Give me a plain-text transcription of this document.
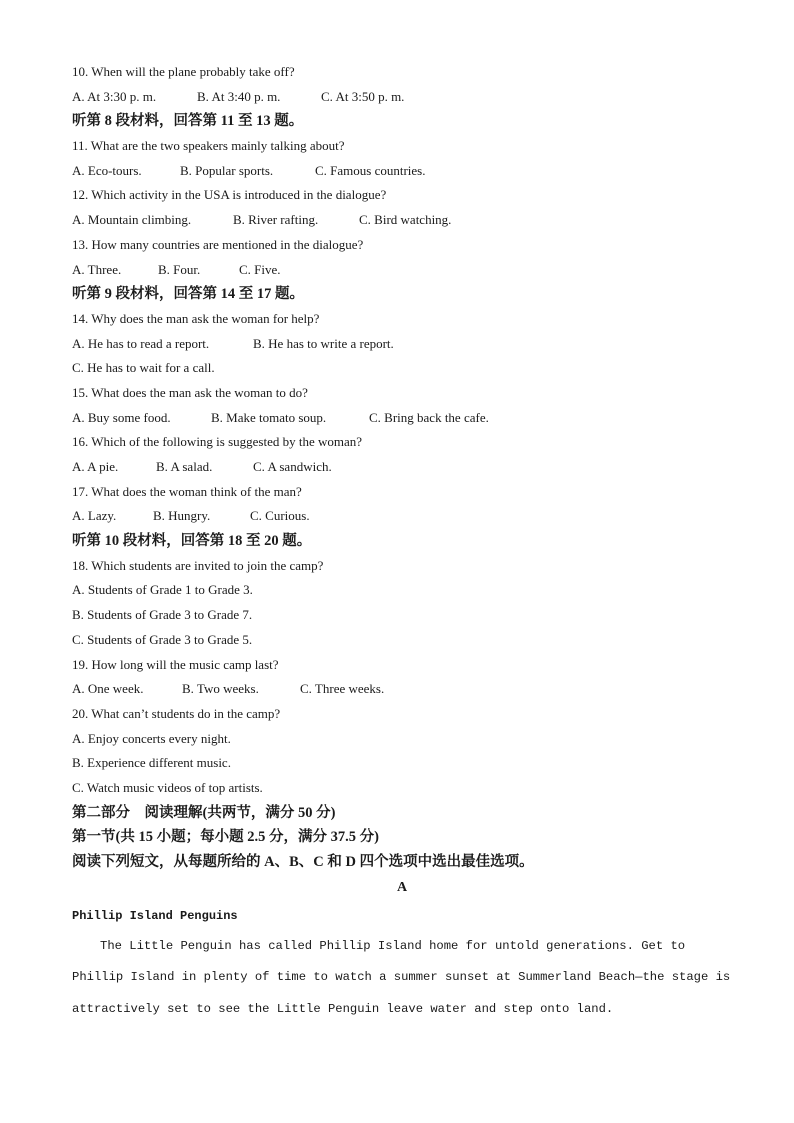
10. When will the plane probably take off?
A. At 3:30 p. m.	B. At 3:40 p. m.	C. At 3:50 p. m.
听第 8 段材料，回答第 11 至 13 题。
11. What are the two speakers mainly talking about?
A. Eco-tours.	B. Popular sports.	C. Famous countries.
12. Which activity in the USA is introduced in the dialogue?
A. Mountain climbing.	B. River rafting.	C. Bird watching.
13. How many countries are mentioned in the dialogue?
A. Three.	B. Four.	C. Five.
听第 9 段材料，回答第 14 至 17 题。
14. Why does the man ask the woman for help?
A. He has to read a report.	B. He has to write a report.
C. He has to wait for a call.
15. What does the man ask the woman to do?
A. Buy some food.	B. Make tomato soup.	C. Bring back the cafe.
16. Which of the following is suggested by the woman?
A. A pie.	B. A salad.	C. A sandwich.
17. What does the woman think of the man?
A. Lazy.	B. Hungry.	C. Curious.
听第 10 段材料，回答第 18 至 20 题。
18. Which students are invited to join the camp?
A. Students of Grade 1 to Grade 3.
B. Students of Grade 3 to Grade 7.
C. Students of Grade 3 to Grade 5.
19. How long will the music camp last?
A. One week.	B. Two weeks.	C. Three weeks.
20. What can’t students do in the camp?
A. Enjoy concerts every night.
B. Experience different music.
C. Watch music videos of top artists.
第二部分　阅读理解(共两节，满分 50 分)
第一节(共 15 小题；每小题 2.5 分，满分 37.5 分)
阅读下列短文，从每题所给的 A、B、C 和 D 四个选项中选出最佳选项。
A
Phillip Island Penguins
The Little Penguin has called Phillip Island home for untold generations. Get to Phillip Island in plenty of time to watch a summer sunset at Summerland Beach—the stage is attractively set to see the Little Penguin leave water and step onto land.
